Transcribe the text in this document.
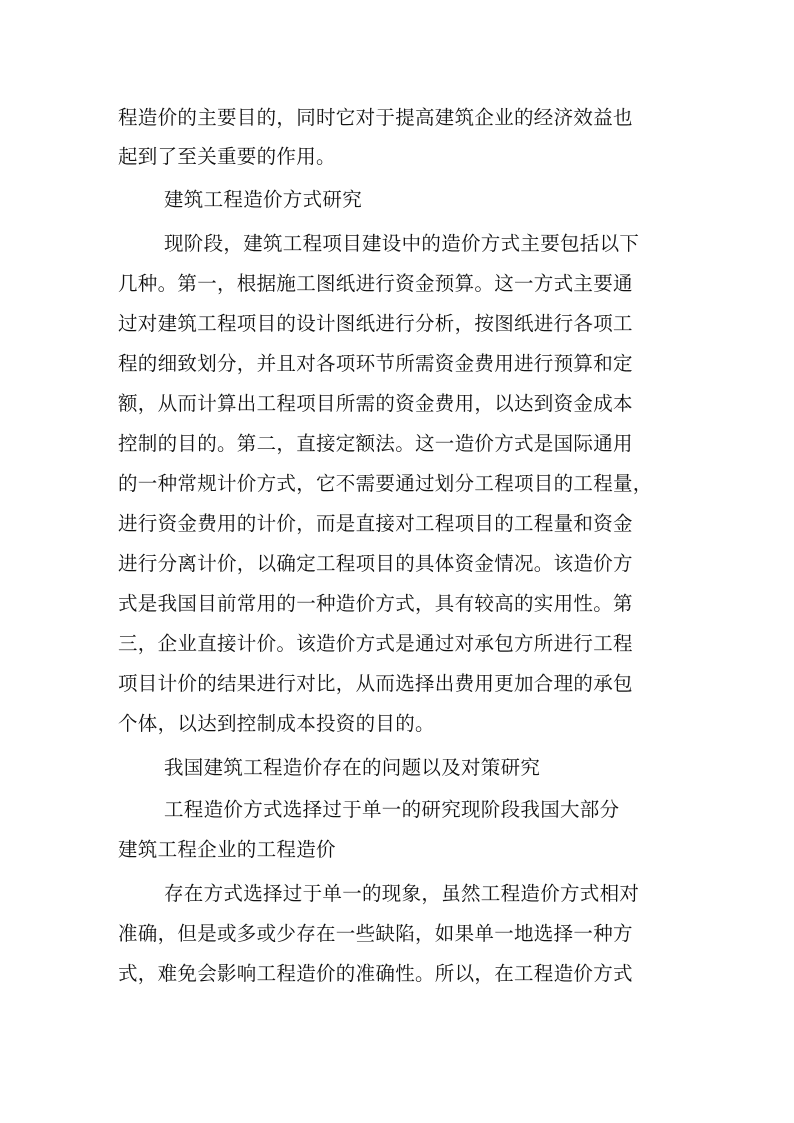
程造价的主要目的，同时它对于提高建筑企业的经济效益也
起到了至关重要的作用。
建筑工程造价方式研究
现阶段，建筑工程项目建设中的造价方式主要包括以下
几种。第一，根据施工图纸进行资金预算。这一方式主要通
过对建筑工程项目的设计图纸进行分析，按图纸进行各项工
程的细致划分，并且对各项环节所需资金费用进行预算和定
额，从而计算出工程项目所需的资金费用，以达到资金成本
控制的目的。第二，直接定额法。这一造价方式是国际通用
的一种常规计价方式，它不需要通过划分工程项目的工程量，
进行资金费用的计价，而是直接对工程项目的工程量和资金
进行分离计价，以确定工程项目的具体资金情况。该造价方
式是我国目前常用的一种造价方式，具有较高的实用性。第
三，企业直接计价。该造价方式是通过对承包方所进行工程
项目计价的结果进行对比，从而选择出费用更加合理的承包
个体，以达到控制成本投资的目的。
我国建筑工程造价存在的问题以及对策研究
工程造价方式选择过于单一的研究现阶段我国大部分
建筑工程企业的工程造价
存在方式选择过于单一的现象，虽然工程造价方式相对
准确，但是或多或少存在一些缺陷，如果单一地选择一种方
式，难免会影响工程造价的准确性。所以，在工程造价方式
